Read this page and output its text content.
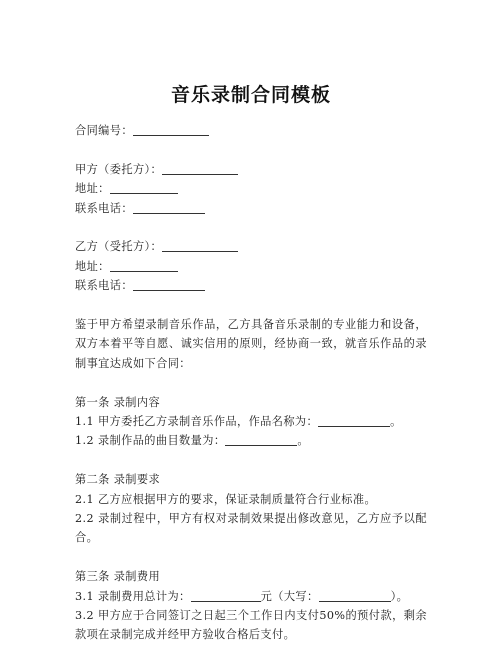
音乐录制合同模板

合同编号：

甲方（委托方）：

地址：

联系电话：

乙方（受托方）：

地址：

联系电话：

鉴于甲方希望录制音乐作品，乙方具备音乐录制的专业能力和设备，双方本着平等自愿、诚实信用的原则，经协商一致，就音乐作品的录制事宜达成如下合同：

第一条 录制内容

1.1 甲方委托乙方录制音乐作品，作品名称为：	。

1.2 录制作品的曲目数量为：	。

第二条 录制要求

2.1 乙方应根据甲方的要求，保证录制质量符合行业标准。

2.2 录制过程中，甲方有权对录制效果提出修改意见，乙方应予以配合。

第三条 录制费用

3.1 录制费用总计为：	元（大写：	）。

3.2 甲方应于合同签订之日起三个工作日内支付50%的预付款，剩余款项在录制完成并经甲方验收合格后支付。
